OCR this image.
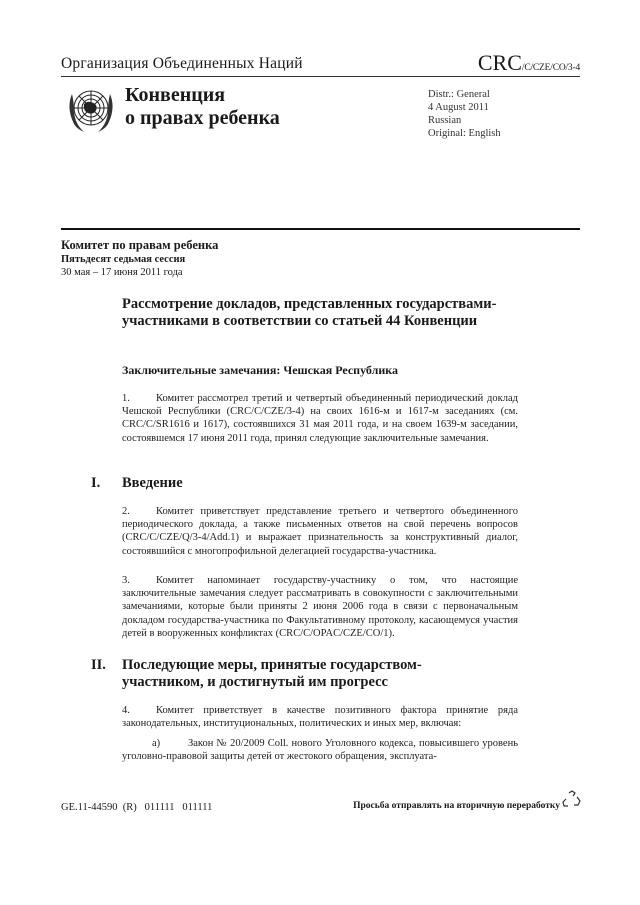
Организация Объединенных Наций	CRC/C/CZE/CO/3-4
Конвенция
о правах ребенка
Distr.: General
4 August 2011
Russian
Original: English
Комитет по правам ребенка
Пятьдесят седьмая сессия
30 мая – 17 июня 2011 года
Рассмотрение докладов, представленных государствами-участниками в соответствии со статьей 44 Конвенции
Заключительные замечания: Чешская Республика
1. Комитет рассмотрел третий и четвертый объединенный периодический доклад Чешской Республики (CRC/C/CZE/3-4) на своих 1616-м и 1617-м заседаниях (см. CRC/C/SR1616 и 1617), состоявшихся 31 мая 2011 года, и на своем 1639-м заседании, состоявшемся 17 июня 2011 года, принял следующие заключительные замечания.
I. Введение
2. Комитет приветствует представление третьего и четвертого объединенного периодического доклада, а также письменных ответов на свой перечень вопросов (CRC/C/CZE/Q/3-4/Add.1) и выражает признательность за конструктивный диалог, состоявшийся с многопрофильной делегацией государства-участника.
3. Комитет напоминает государству-участнику о том, что настоящие заключительные замечания следует рассматривать в совокупности с заключительными замечаниями, которые были приняты 2 июня 2006 года в связи с первоначальным докладом государства-участника по Факультативному протоколу, касающемуся участия детей в вооруженных конфликтах (CRC/C/OPAC/CZE/CO/1).
II. Последующие меры, принятые государством-участником, и достигнутый им прогресс
4. Комитет приветствует в качестве позитивного фактора принятие ряда законодательных, институциональных, политических и иных мер, включая:
a)	Закон № 20/2009 Coll. нового Уголовного кодекса, повысившего уровень уголовно-правовой защиты детей от жестокого обращения, эксплуата-
GE.11-44590  (R)   011111   011111	Просьба отправлять на вторичную переработку
